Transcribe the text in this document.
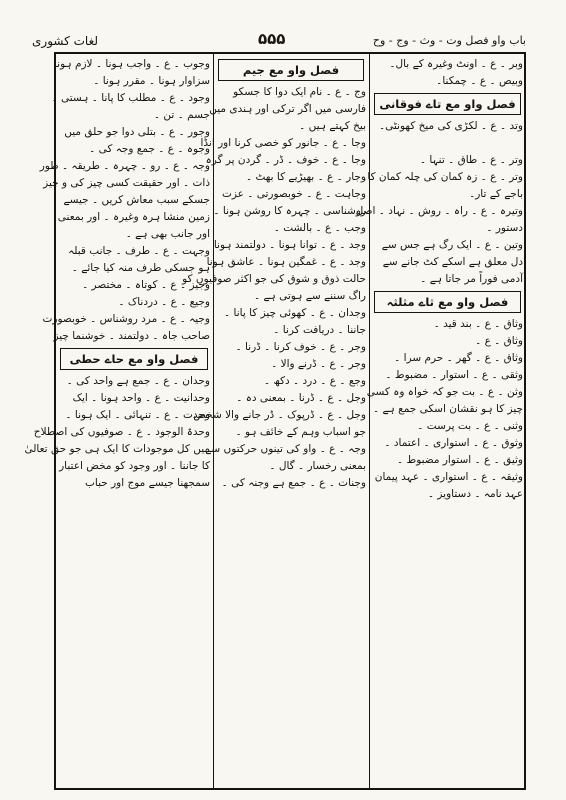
لغات کشوری	۵۵۵	باب واو فصل وت - وث - وج - وح
وجوب ۔ ع ۔ واجب ہونا ۔ لازم ہونا
سزاوار ہونا ۔ مقرر ہونا ۔
وجود ۔ ع ۔ مطلب کا پانا ۔ ہستی ۔
جسم ۔ تن ۔
وجور ۔ ع ۔ بتلی دوا جو حلق میں
وجوہ ۔ ع ۔ جمع وجہ کی ۔
وجہ ۔ ع ۔ رو ۔ چہرہ ۔ طریقہ ۔ طور
ذات ۔ اور حقیقت کسی چیز کی و چیز
جسکے سبب معاش کریں ۔ جیسے
زمین منشا ہرہ وغیرہ ۔ اور بمعنی
اور جانب بھی ہے ۔
وجہت ۔ ع ۔ طرف ۔ جانب قبلہ
ہو جسکی طرف منہ کیا جائے ۔
وجیز ۔ ع ۔ کوتاہ ۔ مختصر ۔
وجیع ۔ ع ۔ دردناک ۔
وجیہ ۔ ع ۔ مرد روشناس ۔ خوبصورت
صاحب جاہ ۔ دولتمند ۔ خوشنما چیز
فصل واو مع حاے حطی
وحدان ۔ ع ۔ جمع ہے واحد کی ۔
وحدانیت ۔ ع ۔ واحد ہونا ۔ ایک
وحدت ۔ ع ۔ تنہائی ۔ ایک ہونا ۔
وحدۃ الوجود ۔ ع ۔ صوفیوں کی اصطلاح
میں کل موجودات کا ایک ہی جو حق تعالیٰ
کا جاننا ۔ اور وجود کو مخض اعتبار
سمجھنا جیسے موج اور حباب
فصل واو مع جیم
وج ۔ ع ۔ نام ایک دوا کا جسکو
فارسی میں اگر ترکی اور ہندی میں
بیخ کہتے ہیں ۔
وجا ۔ ع ۔ جانور کو خصی کرنا اور انڈا
وجا ۔ ع ۔ خوف ۔ ڈر ۔ گردن پر گرہ
وجار ۔ ع ۔ بھیڑیے کا بھٹ ۔
وجاہت ۔ ع ۔ خوبصورتی ۔ عزت
روشناسی ۔ چہرہ کا روشن ہونا ۔
وجب ۔ ع ۔ بالشت ۔
وجد ۔ ع ۔ توانا ہونا ۔ دولتمند ہونا
وجد ۔ ع ۔ غمگین ہونا ۔ عاشق ہونا
حالت ذوق و شوق کی جو اکثر صوفیوں کو
راگ سننے سے ہوتی ہے ۔
وجدان ۔ ع ۔ کھوئی چیز کا پانا ۔
جاننا ۔ دریافت کرنا ۔
وجر ۔ ع ۔ خوف کرنا ۔ ڈرنا ۔
وجر ۔ ع ۔ ڈرنے والا ۔
وجع ۔ ع ۔ درد ۔ دکھ ۔
وجل ۔ ع ۔ ڈرنا ۔ بمعنی دہ ۔
وجل ۔ ع ۔ ڈرپوک ۔ ڈر جانے والا شخص
جو اسباب وہم کے خائف ہو ۔
وجہ ۔ ع ۔ واو کی تینوں حرکتوں سے
بمعنی رخسار ۔ گال ۔
وجنات ۔ ع ۔ جمع ہے وجنہ کی ۔
وبر ۔ ع ۔ اونٹ وغیرہ کے بال۔
وبیص ۔ ع ۔ چمکنا۔
فصل واو مع تاے فوقانی
وتد ۔ ع ۔ لکڑی کی میخ کھونٹی۔
وتر ۔ ع ۔ طاق ۔ تنہا ۔
وتر ۔ ع ۔ زہ کمان کی چلہ کمان کا۔
باجے کے تار۔
وتیرہ ۔ ع ۔ راہ ۔ روش ۔ نہاد ۔ اصل
دستور ۔
وتین ۔ ع ۔ ایک رگ ہے جس سے
دل معلق ہے اسکے کٹ جانے سے
آدمی فوراً مر جاتا ہے ۔
فصل واو مع ثاے مثلثہ
وثاق ۔ ع ۔ بند قید ۔
وثاق ۔ ع ۔
وثاق ۔ ع ۔ گھر ۔ حرم سرا ۔
وثقی ۔ ع ۔ استوار ۔ مضبوط ۔
وثن ۔ ع ۔ بت جو کہ خواہ وہ کسی
چیز کا ہو نقشان اسکی جمع ہے ۔
وثنی ۔ ع ۔ بت پرست ۔
وثوق ۔ ع ۔ استواری ۔ اعتماد ۔
وثیق ۔ ع ۔ استوار مضبوط ۔
وثیقہ ۔ ع ۔ استواری ۔ عہد پیمان
عہد نامہ ۔ دستاویز ۔
